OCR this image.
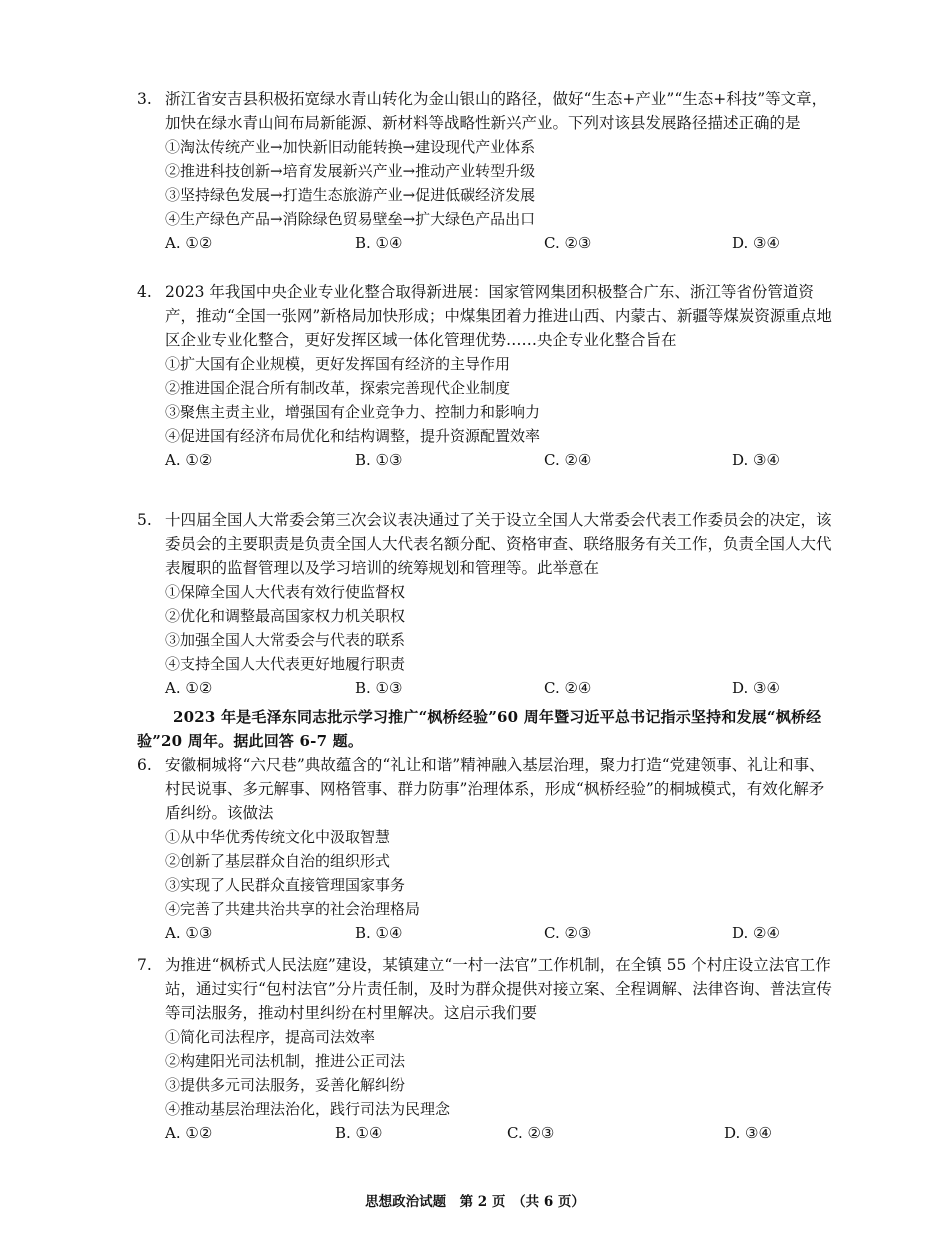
3. 浙江省安吉县积极拓宽绿水青山转化为金山银山的路径，做好“生态+产业”“生态+科技”等文章，加快在绿水青山间布局新能源、新材料等战略性新兴产业。下列对该县发展路径描述正确的是

①淘汰传统产业→加快新旧动能转换→建设现代产业体系
②推进科技创新→培育发展新兴产业→推动产业转型升级
③坚持绿色发展→打造生态旅游产业→促进低碳经济发展
④生产绿色产品→消除绿色贸易壁垒→扩大绿色产品出口
A. ①②	B. ①④	C. ②③	D. ③④

4. 2023 年我国中央企业专业化整合取得新进展：国家管网集团积极整合广东、浙江等省份管道资产，推动“全国一张网”新格局加快形成；中煤集团着力推进山西、内蒙古、新疆等煤炭资源重点地区企业专业化整合，更好发挥区域一体化管理优势……央企专业化整合旨在

①扩大国有企业规模，更好发挥国有经济的主导作用
②推进国企混合所有制改革，探索完善现代企业制度
③聚焦主责主业，增强国有企业竞争力、控制力和影响力
④促进国有经济布局优化和结构调整，提升资源配置效率
A. ①②	B. ①③	C. ②④	D. ③④

5. 十四届全国人大常委会第三次会议表决通过了关于设立全国人大常委会代表工作委员会的决定，该委员会的主要职责是负责全国人大代表名额分配、资格审查、联络服务有关工作，负责全国人大代表履职的监督管理以及学习培训的统筹规划和管理等。此举意在

①保障全国人大代表有效行使监督权
②优化和调整最高国家权力机关职权
③加强全国人大常委会与代表的联系
④支持全国人大代表更好地履行职责
A. ①②	B. ①③	C. ②④	D. ③④
2023 年是毛泽东同志批示学习推广“枫桥经验”60 周年暨习近平总书记指示坚持和发展“枫桥经验”20 周年。据此回答 6-7 题。

6. 安徽桐城将“六尺巷”典故蕴含的“礼让和谐”精神融入基层治理，聚力打造“党建领事、礼让和事、村民说事、多元解事、网格管事、群力防事”治理体系，形成“枫桥经验”的桐城模式，有效化解矛盾纠纷。该做法

①从中华优秀传统文化中汲取智慧
②创新了基层群众自治的组织形式
③实现了人民群众直接管理国家事务
④完善了共建共治共享的社会治理格局
A. ①③	B. ①④	C. ②③	D. ②④

7. 为推进“枫桥式人民法庭”建设，某镇建立“一村一法官”工作机制，在全镇 55 个村庄设立法官工作站，通过实行“包村法官”分片责任制，及时为群众提供对接立案、全程调解、法律咨询、普法宣传等司法服务，推动村里纠纷在村里解决。这启示我们要

①简化司法程序，提高司法效率
②构建阳光司法机制，推进公正司法
③提供多元司法服务，妥善化解纠纷
④推动基层治理法治化，践行司法为民理念
A. ①②	B. ①④	C. ②③	D. ③④
思想政治试题　第 2 页　（共 6 页）
